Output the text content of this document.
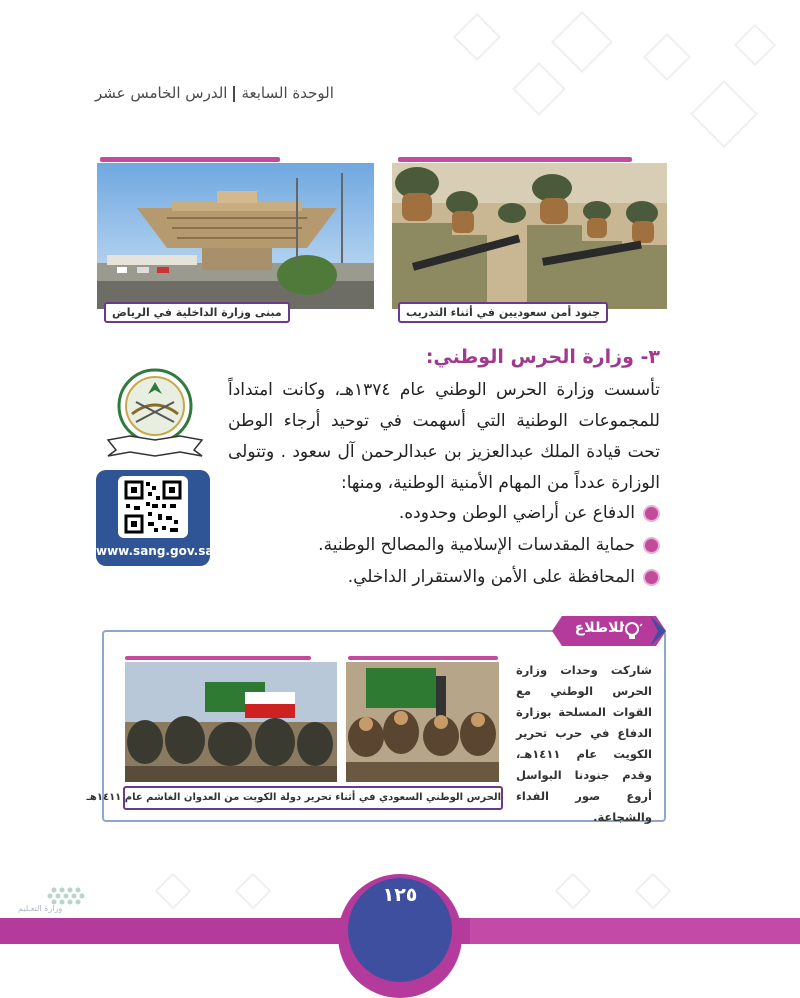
الوحدة السابعةالدرس الخامس عشر
مبنى وزارة الداخلية في الرياض	جنود أمن سعوديين في أثناء التدريب
٣- وزارة الحرس الوطني:
تأسست وزارة الحرس الوطني عام ١٣٧٤هـ، وكانت امتداداً للمجموعات الوطنية التي أسهمت في توحيد أرجاء الوطن تحت قيادة الملك عبدالعزيز بن عبدالرحمن آل سعود . وتتولى الوزارة عدداً من المهام الأمنية الوطنية، ومنها:
الدفاع عن أراضي الوطن وحدوده.
حماية المقدسات الإسلامية والمصالح الوطنية.
المحافظة على الأمن والاستقرار الداخلي.
www.sang.gov.sa
للاطلاع
شاركت وحدات وزارة الحرس الوطني مع القوات المسلحة بوزارة الدفاع في حرب تحرير الكويت عام ١٤١١هـ، وقدم جنودنا البواسل أروع صور الفداء والشجاعة.
الحرس الوطني السعودي في أثناء تحرير دولة الكويت من العدوان الغاشم عام ١٤١١هـ
١٢٥
وزارة التعـليم
